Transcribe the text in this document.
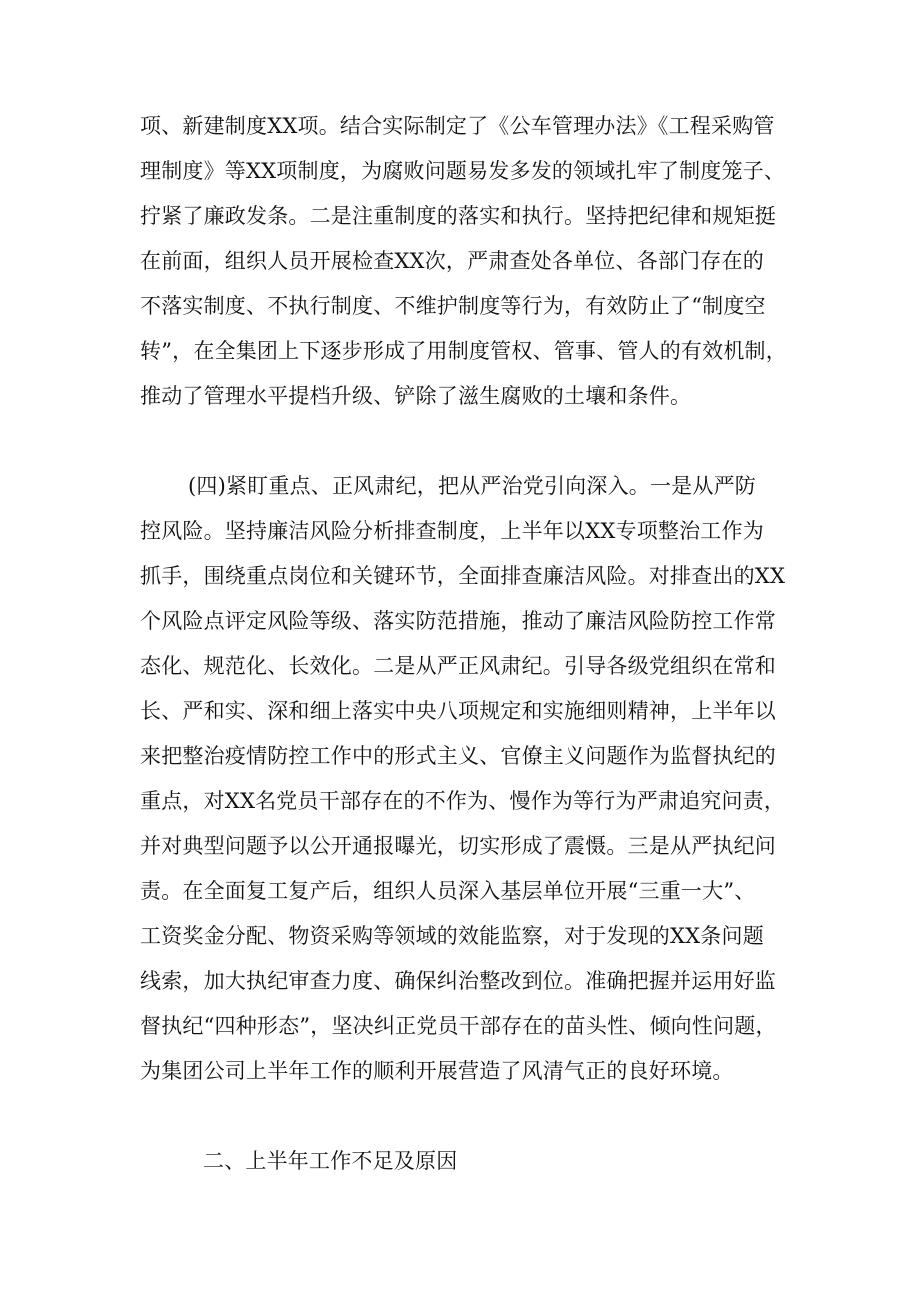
项、新建制度XX项。结合实际制定了《公车管理办法》《工程采购管
理制度》等XX项制度，为腐败问题易发多发的领域扎牢了制度笼子、
拧紧了廉政发条。二是注重制度的落实和执行。坚持把纪律和规矩挺
在前面，组织人员开展检查XX次，严肃查处各单位、各部门存在的
不落实制度、不执行制度、不维护制度等行为，有效防止了“制度空
转”，在全集团上下逐步形成了用制度管权、管事、管人的有效机制，
推动了管理水平提档升级、铲除了滋生腐败的土壤和条件。
(四)紧盯重点、正风肃纪，把从严治党引向深入。一是从严防
控风险。坚持廉洁风险分析排查制度，上半年以XX专项整治工作为
抓手，围绕重点岗位和关键环节，全面排查廉洁风险。对排查出的XX
个风险点评定风险等级、落实防范措施，推动了廉洁风险防控工作常
态化、规范化、长效化。二是从严正风肃纪。引导各级党组织在常和
长、严和实、深和细上落实中央八项规定和实施细则精神，上半年以
来把整治疫情防控工作中的形式主义、官僚主义问题作为监督执纪的
重点，对XX名党员干部存在的不作为、慢作为等行为严肃追究问责，
并对典型问题予以公开通报曝光，切实形成了震慑。三是从严执纪问
责。在全面复工复产后，组织人员深入基层单位开展“三重一大”、
工资奖金分配、物资采购等领域的效能监察，对于发现的XX条问题
线索，加大执纪审查力度、确保纠治整改到位。准确把握并运用好监
督执纪“四种形态”，坚决纠正党员干部存在的苗头性、倾向性问题，
为集团公司上半年工作的顺利开展营造了风清气正的良好环境。
二、上半年工作不足及原因
